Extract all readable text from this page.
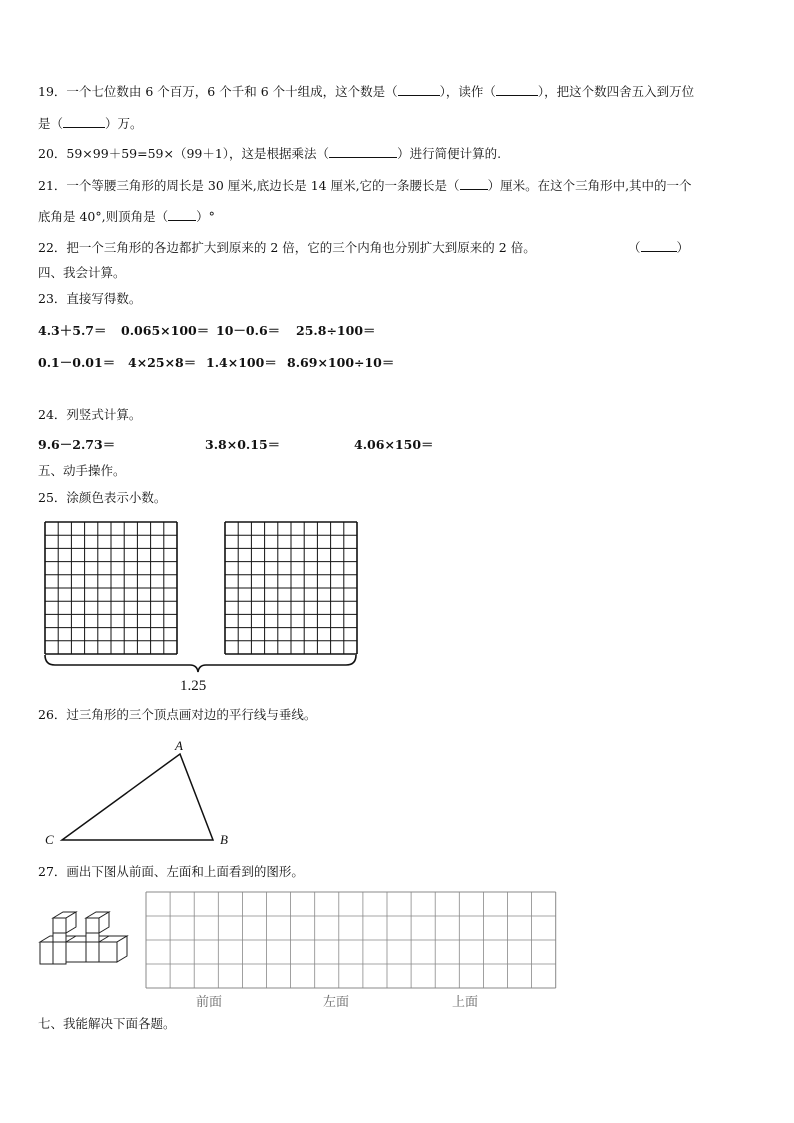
19．一个七位数由 6 个百万，6 个千和 6 个十组成，这个数是（	），读作（	），把这个数四舍五入到万位
是（	）万。
20．59×99＋59=59×（99＋1），这是根据乘法（	）进行简便计算的.
21．一个等腰三角形的周长是 30 厘米,底边长是 14 厘米,它的一条腰长是（ ）厘米。在这个三角形中,其中的一个
底角是 40°,则顶角是（ ）°
22．把一个三角形的各边都扩大到原来的 2 倍，它的三个内角也分别扩大到原来的 2 倍。	（	）
四、我会计算。
23．直接写得数。
4.3＋5.7＝ 0.065×100＝ 10－0.6＝ 25.8÷100＝
0.1－0.01＝ 4×25×8＝ 1.4×100＝ 8.69×100÷10＝
24．列竖式计算。
9.6－2.73＝	3.8×0.15＝	4.06×150＝
五、动手操作。
25．涂颜色表示小数。
1.25
26．过三角形的三个顶点画对边的平行线与垂线。
A
B
C
27．画出下图从前面、左面和上面看到的图形。
前面	左面	上面
七、我能解决下面各题。
